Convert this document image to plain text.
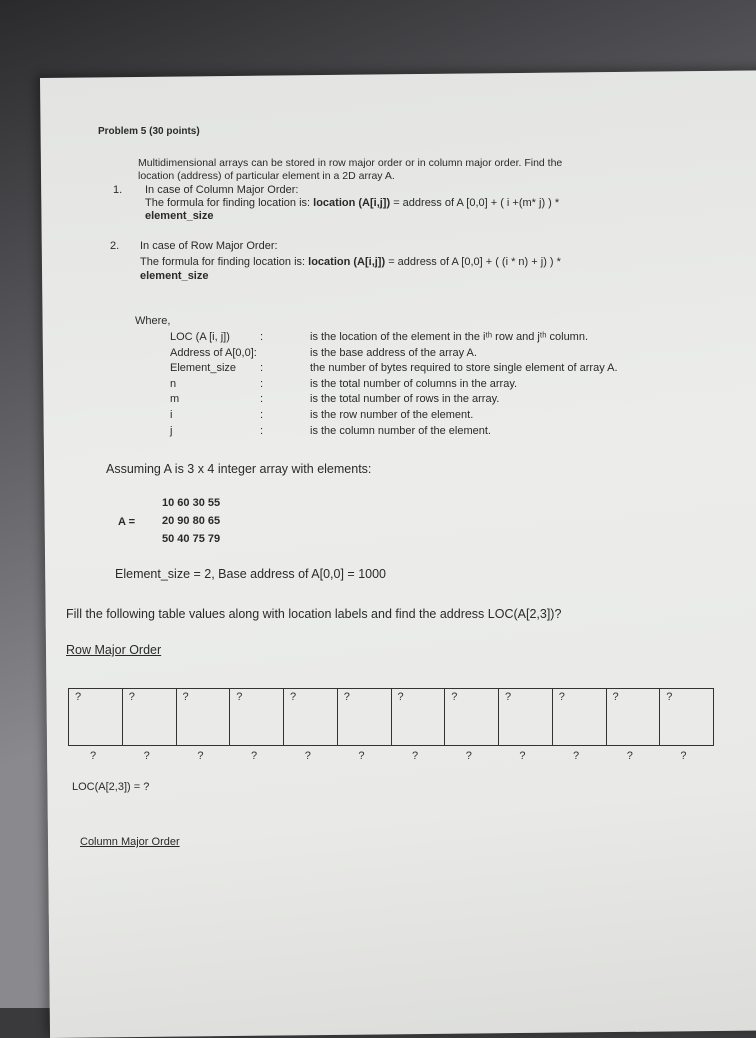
Problem 5 (30 points)
Multidimensional arrays can be stored in row major order or in column major order. Find the
location (address) of particular element in a 2D array A.
1. In case of Column Major Order:
The formula for finding location is: location (A[i,j]) = address of A [0,0] + ( i +(m* j) ) *
element_size
2. In case of Row Major Order:
The formula for finding location is: location (A[i,j]) = address of A [0,0] + ( (i * n) + j) ) *
element_size
Where,
LOC (A [i, j])	:	is the location of the element in the iᵗʰ row and jᵗʰ column.
Address of A[0,0]:	is the base address of the array A.
Element_size :	the number of bytes required to store single element of array A.
n	:	is the total number of columns in the array.
m	:	is the total number of rows in the array.
i	:	is the row number of the element.
j	:	is the column number of the element.
Assuming A is 3 x 4 integer array with elements:
A =
10 60 30 55
20 90 80 65
50 40 75 79
Element_size = 2, Base address of A[0,0] = 1000
Fill the following table values along with location labels and find the address LOC(A[2,3])?
Row Major Order
?	?	?	?	?	?	?	?	?	?	?	?
?	?	?	?	?	?	?	?	?	?	?	?
LOC(A[2,3]) = ?
Column Major Order
